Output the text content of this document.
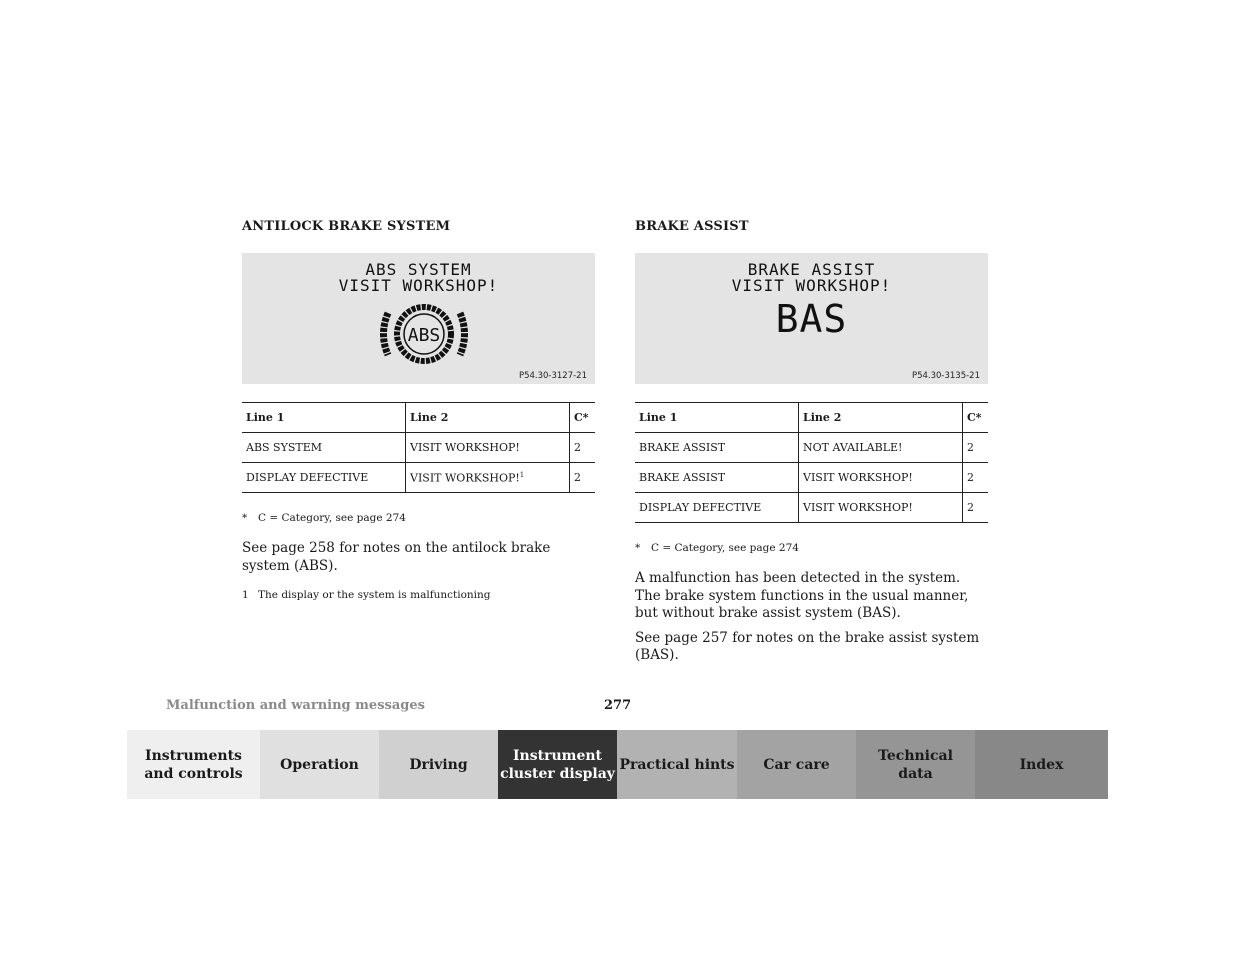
ANTILOCK BRAKE SYSTEM
ABS SYSTEM
VISIT WORKSHOP!
ABS
P54.30-3127-21
Line 1	Line 2	C*
ABS SYSTEM	VISIT WORKSHOP!	2
DISPLAY DEFECTIVE	VISIT WORKSHOP!$^1$	2
* C = Category, see page 274
See page 258 for notes on the antilock brake system (ABS).
1 The display or the system is malfunctioning
BRAKE ASSIST
BRAKE ASSIST
VISIT WORKSHOP!
BAS
P54.30-3135-21
Line 1	Line 2	C*
BRAKE ASSIST	NOT AVAILABLE!	2
BRAKE ASSIST	VISIT WORKSHOP!	2
DISPLAY DEFECTIVE	VISIT WORKSHOP!	2
* C = Category, see page 274
A malfunction has been detected in the system. The brake system functions in the usual manner, but without brake assist system (BAS).
See page 257 for notes on the brake assist system (BAS).
Malfunction and warning messages	277
Instruments
and controls
Operation	Driving
Instrument
cluster display
Practical hints	Car care
Technical
data
Index
